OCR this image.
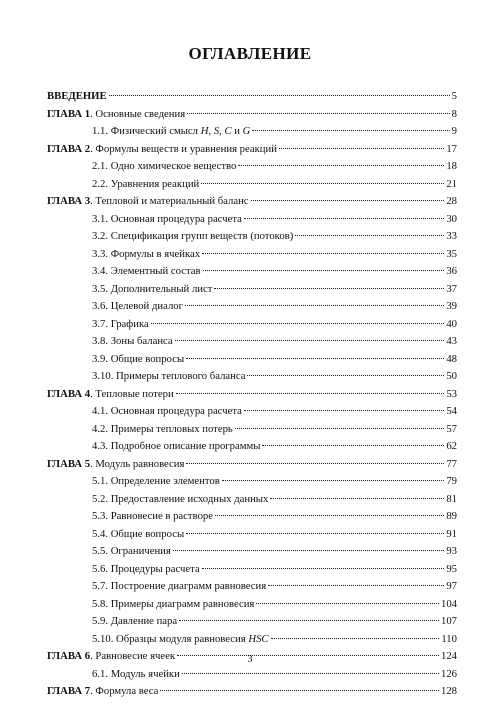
ОГЛАВЛЕНИЕ
ВВЕДЕНИЕ	5
ГЛАВА 1. Основные сведения	8
1.1. Физический смысл H, S, C и G	9
ГЛАВА 2. Формулы веществ и уравнения реакций	17
2.1. Одно химическое вещество	18
2.2. Уравнения реакций	21
ГЛАВА 3. Тепловой и материальный баланс	28
3.1. Основная процедура расчета	30
3.2. Спецификация групп веществ (потоков)	33
3.3. Формулы в ячейках	35
3.4. Элементный состав	36
3.5. Дополнительный лист	37
3.6. Целевой диалог	39
3.7. Графика	40
3.8. Зоны баланса	43
3.9. Общие вопросы	48
3.10. Примеры теплового баланса	50
ГЛАВА 4. Тепловые потери	53
4.1. Основная процедура расчета	54
4.2. Примеры тепловых потерь	57
4.3. Подробное описание программы	62
ГЛАВА 5. Модуль равновесия	77
5.1. Определение элементов	79
5.2. Предоставление исходных данных	81
5.3. Равновесие в растворе	89
5.4. Общие вопросы	91
5.5. Ограничения	93
5.6. Процедуры расчета	95
5.7. Построение диаграмм равновесия	97
5.8. Примеры диаграмм равновесия	104
5.9. Давление пара	107
5.10. Образцы модуля равновесия HSC	110
ГЛАВА 6. Равновесие ячеек	124
6.1. Модуль ячейки	126
ГЛАВА 7. Формула веса	128
3
